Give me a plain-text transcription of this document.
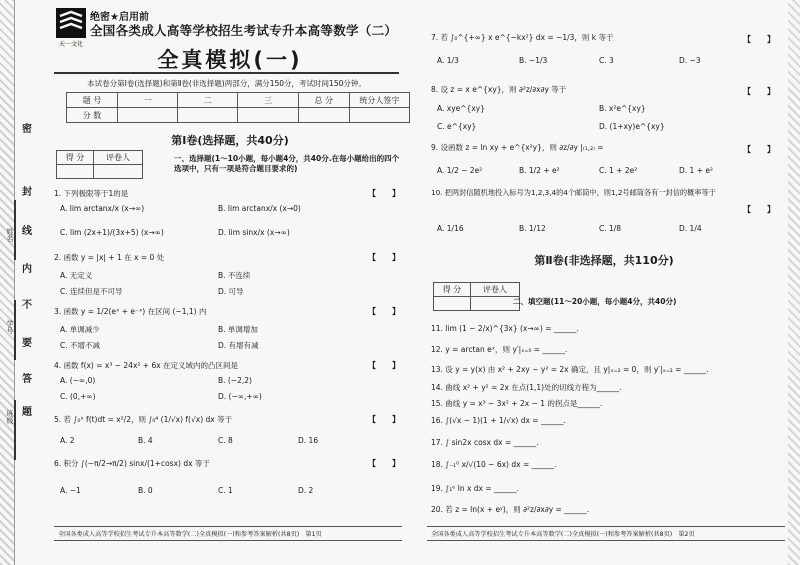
密
封
线
内
不
要
答
题
姓名
学号
班级
天一文化
绝密★启用前
全国各类成人高等学校招生考试专升本高等数学（二）
全真模拟(一)
本试卷分第Ⅰ卷(选择题)和第Ⅱ卷(非选择题)两部分，满分150分，考试时间150分钟。
题 号	一	二	三	总 分	统分人签字
分 数					
第Ⅰ卷(选择题，共40分)
得 分	评卷人
		一、选择题(1～10小题，每小题4分，共40分.在每小题给出的四个选项中，只有一项是符合题目要求的)
1. 下列极限等于1的是	【　　】
A. lim arctanx/x (x→∞)	B. lim arctanx/x (x→0)
C. lim (2x+1)/(3x+5) (x→∞)	D. lim sinx/x (x→∞)
2. 函数 y = |x| + 1 在 x = 0 处	【　　】
A. 无定义	B. 不连续
C. 连续但是不可导	D. 可导
3. 函数 y = 1/2(eˣ + e⁻ˣ) 在区间 (−1,1) 内	【　　】
A. 单调减少	B. 单调增加
C. 不增不减	D. 有增有减
4. 函数 f(x) = x³ − 24x² + 6x 在定义域内的凸区间是	【　　】
A. (−∞,0)	B. (−2,2)
C. (0,+∞)	D. (−∞,+∞)
5. 若 ∫₀ˣ f(t)dt = x²/2，则 ∫₀⁴ (1/√x) f(√x) dx 等于	【　　】
A. 2	B. 4	C. 8	D. 16
6. 积分 ∫(−π/2→π/2) sinx/(1+cosx) dx 等于	【　　】
A. −1	B. 0	C. 1	D. 2
全国各类成人高等学校招生考试专升本高等数学(二)全真模拟(一)和参考答案解析(共8页)　第1页
7. 若 ∫₀^{+∞} x e^{−kx²} dx = −1/3，则 k 等于	【　　】
A. 1/3	B. −1/3	C. 3	D. −3
8. 设 z = x e^{xy}，则 ∂²z/∂x∂y 等于	【　　】
A. xye^{xy}	B. x²e^{xy}
C. e^{xy}	D. (1+xy)e^{xy}
9. 设函数 z = ln xy + e^{x²y}，则 ∂z/∂y |₍₁,₂₎ =	【　　】
A. 1/2 − 2e²	B. 1/2 + e²	C. 1 + 2e²	D. 1 + e²
10. 把两封信随机地投入标号为1,2,3,4的4个邮筒中，则1,2号邮筒各有一封信的概率等于
【　　】
A. 1/16	B. 1/12	C. 1/8	D. 1/4
第Ⅱ卷(非选择题，共110分)
得 分	评卷人

二、填空题(11～20小题，每小题4分，共40分)
11. lim (1 − 2/x)^{3x} (x→∞) = ______.
12. y = arctan eˣ，则 y′|ₓ₌₀ = ______.
13. 设 y = y(x) 由 x² + 2xy − y² = 2x 确定，且 y|ₓ₌₂ = 0，则 y′|ₓ₌₂ = ______.
14. 曲线 x² + y² = 2x 在点(1,1)处的切线方程为______.
15. 曲线 y = x³ − 3x² + 2x − 1 的拐点是______.
16. ∫(√x − 1)(1 + 1/√x) dx = ______.
17. ∫ sin2x cosx dx = ______.
18. ∫₋₁⁰ x/√(10 − 6x) dx = ______.
19. ∫₁ᵉ ln x dx = ______.
20. 若 z = ln(x + eʸ)，则 ∂²z/∂x∂y = ______.
全国各类成人高等学校招生考试专升本高等数学(二)全真模拟(一)和参考答案解析(共8页)　第2页
